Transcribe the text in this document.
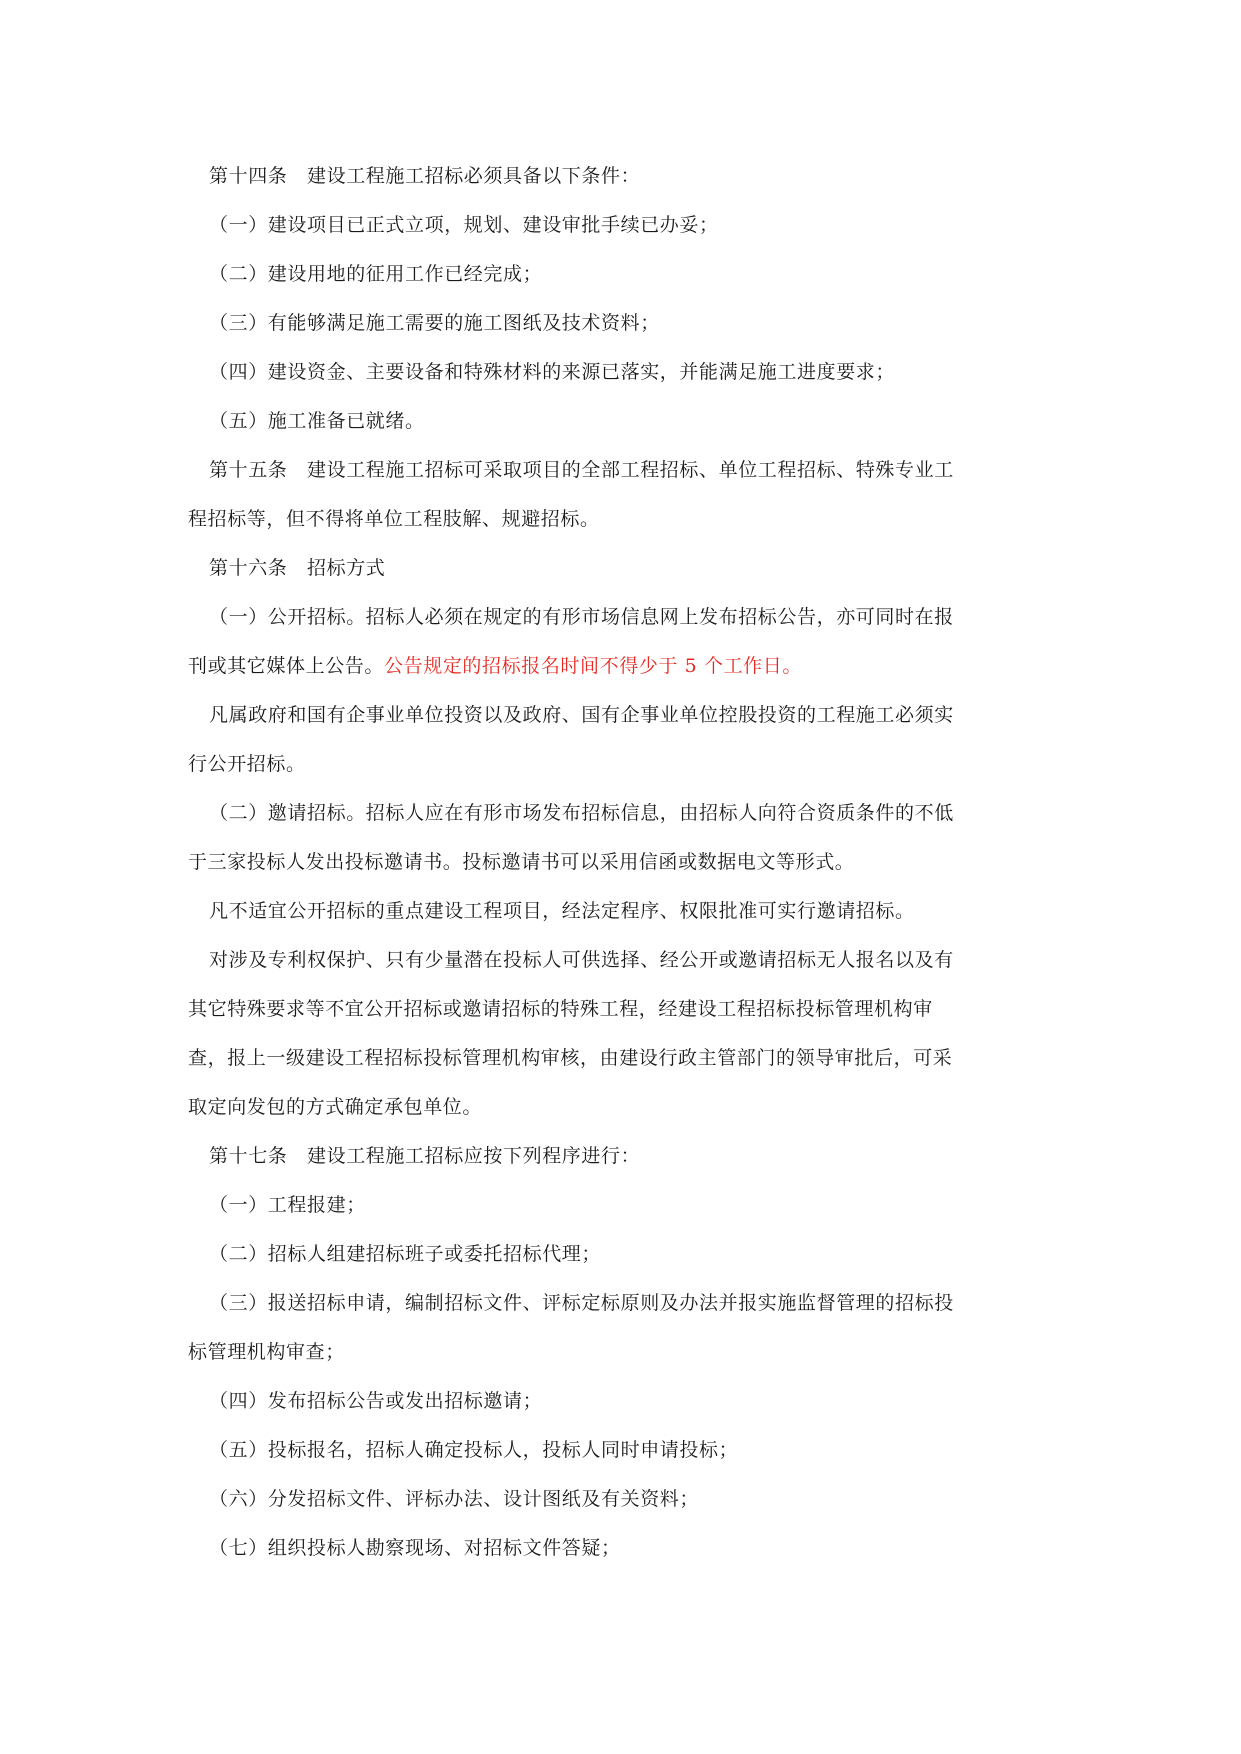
第十四条　建设工程施工招标必须具备以下条件：

（一）建设项目已正式立项，规划、建设审批手续已办妥；

（二）建设用地的征用工作已经完成；

（三）有能够满足施工需要的施工图纸及技术资料；

（四）建设资金、主要设备和特殊材料的来源已落实，并能满足施工进度要求；

（五）施工准备已就绪。

第十五条　建设工程施工招标可采取项目的全部工程招标、单位工程招标、特殊专业工程招标等，但不得将单位工程肢解、规避招标。

第十六条　招标方式

（一）公开招标。招标人必须在规定的有形市场信息网上发布招标公告，亦可同时在报刊或其它媒体上公告。公告规定的招标报名时间不得少于 5 个工作日。

凡属政府和国有企事业单位投资以及政府、国有企事业单位控股投资的工程施工必须实行公开招标。

（二）邀请招标。招标人应在有形市场发布招标信息，由招标人向符合资质条件的不低于三家投标人发出投标邀请书。投标邀请书可以采用信函或数据电文等形式。

凡不适宜公开招标的重点建设工程项目，经法定程序、权限批准可实行邀请招标。

对涉及专利权保护、只有少量潜在投标人可供选择、经公开或邀请招标无人报名以及有其它特殊要求等不宜公开招标或邀请招标的特殊工程，经建设工程招标投标管理机构审查，报上一级建设工程招标投标管理机构审核，由建设行政主管部门的领导审批后，可采取定向发包的方式确定承包单位。

第十七条　建设工程施工招标应按下列程序进行：

（一）工程报建；

（二）招标人组建招标班子或委托招标代理；

（三）报送招标申请，编制招标文件、评标定标原则及办法并报实施监督管理的招标投标管理机构审查；

（四）发布招标公告或发出招标邀请；

（五）投标报名，招标人确定投标人，投标人同时申请投标；

（六）分发招标文件、评标办法、设计图纸及有关资料；

（七）组织投标人勘察现场、对招标文件答疑；
